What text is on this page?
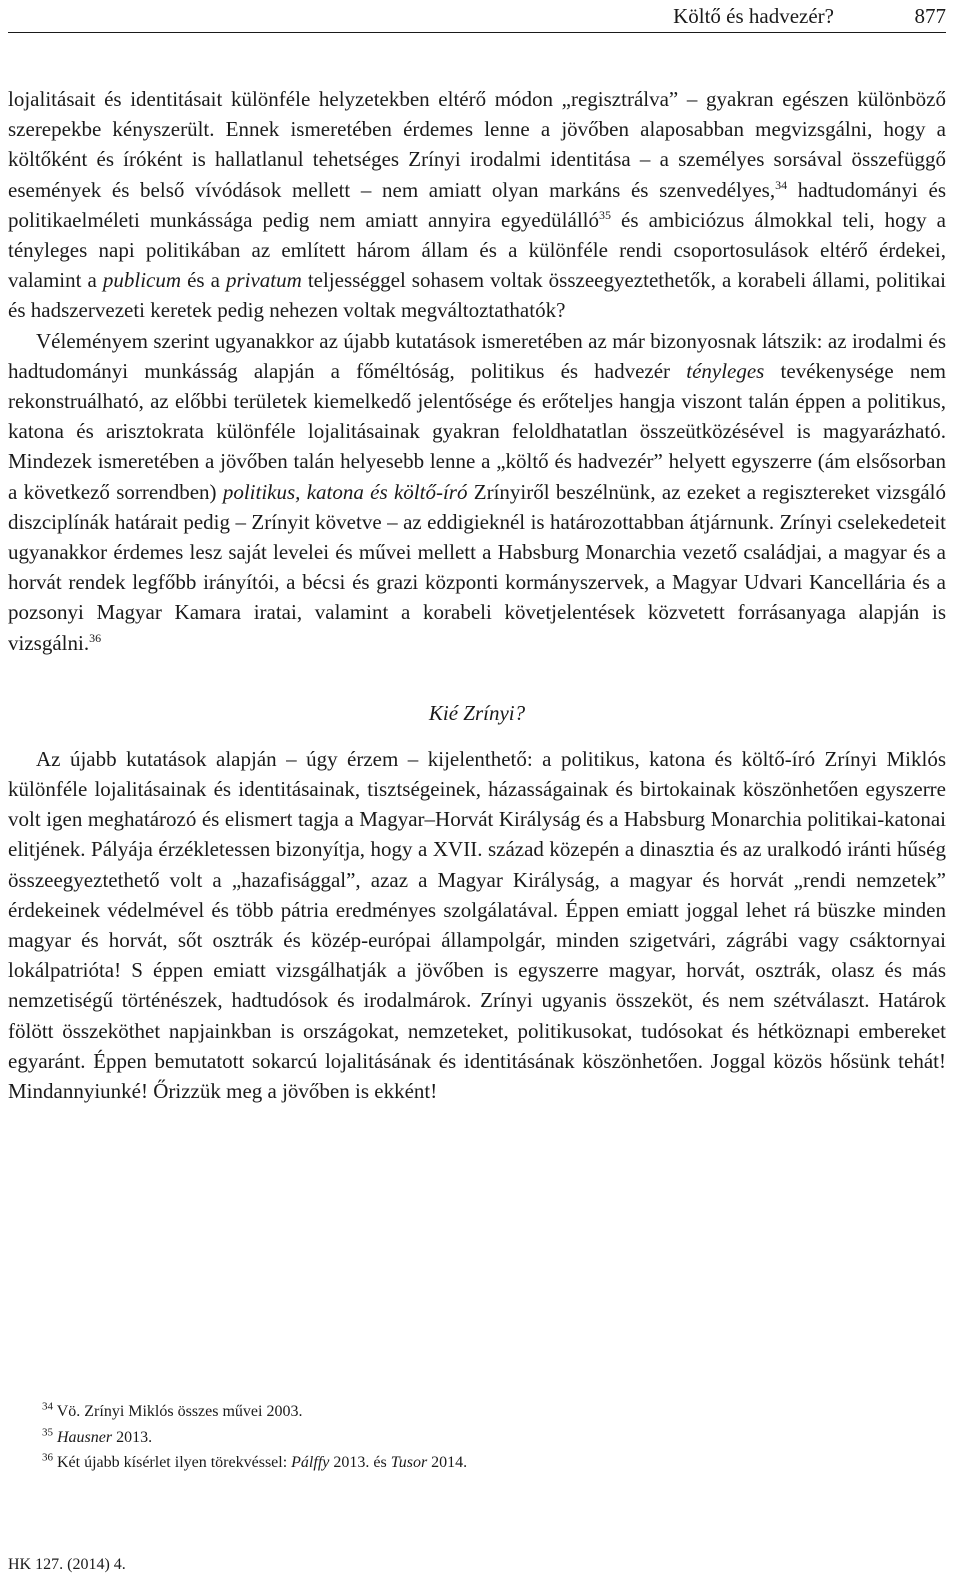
Költő és hadvezér?	877

lojalitásait és identitásait különféle helyzetekben eltérő módon „regisztrálva” – gyakran egészen különböző szerepekbe kényszerült. Ennek ismeretében érdemes lenne a jövőben alaposabban megvizsgálni, hogy a költőként és íróként is hallatlanul tehetséges Zrínyi irodalmi identitása – a személyes sorsával összefüggő események és belső vívódások mellett – nem amiatt olyan markáns és szenvedélyes,$^{34}$ hadtudományi és politikaelméleti munkássága pedig nem amiatt annyira egyedülálló$^{35}$ és ambiciózus álmokkal teli, hogy a tényleges napi politikában az említett három állam és a különféle rendi csoportosulások eltérő érdekei, valamint a publicum és a privatum teljességgel sohasem voltak összeegyeztethetők, a korabeli állami, politikai és hadszervezeti keretek pedig nehezen voltak megváltoztathatók?

Véleményem szerint ugyanakkor az újabb kutatások ismeretében az már bizonyosnak látszik: az irodalmi és hadtudományi munkásság alapján a főméltóság, politikus és hadvezér tényleges tevékenysége nem rekonstruálható, az előbbi területek kiemelkedő jelentősége és erőteljes hangja viszont talán éppen a politikus, katona és arisztokrata különféle lojalitásainak gyakran feloldhatatlan összeütközésével is magyarázható. Mindezek ismeretében a jövőben talán helyesebb lenne a „költő és hadvezér” helyett egyszerre (ám elsősorban a következő sorrendben) politikus, katona és költő-író Zrínyiről beszélnünk, az ezeket a regisztereket vizsgáló diszciplínák határait pedig – Zrínyit követve – az eddigieknél is határozottabban átjárnunk. Zrínyi cselekedeteit ugyanakkor érdemes lesz saját levelei és művei mellett a Habsburg Monarchia vezető családjai, a magyar és a horvát rendek legfőbb irányítói, a bécsi és grazi központi kormányszervek, a Magyar Udvari Kancellária és a pozsonyi Magyar Kamara iratai, valamint a korabeli követjelentések közvetett forrásanyaga alapján is vizsgálni.$^{36}$

Kié Zrínyi?

Az újabb kutatások alapján – úgy érzem – kijelenthető: a politikus, katona és költő-író Zrínyi Miklós különféle lojalitásainak és identitásainak, tisztségeinek, házasságainak és birtokainak köszönhetően egyszerre volt igen meghatározó és elismert tagja a Magyar–Horvát Királyság és a Habsburg Monarchia politikai-katonai elitjének. Pályája érzékletessen bizonyítja, hogy a XVII. század közepén a dinasztia és az uralkodó iránti hűség összeegyeztethető volt a „hazafisággal”, azaz a Magyar Királyság, a magyar és horvát „rendi nemzetek” érdekeinek védelmével és több pátria eredményes szolgálatával. Éppen emiatt joggal lehet rá büszke minden magyar és horvát, sőt osztrák és közép-európai állampolgár, minden szigetvári, zágrábi vagy csáktornyai lokálpatrióta! S éppen emiatt vizsgálhatják a jövőben is egyszerre magyar, horvát, osztrák, olasz és más nemzetiségű történészek, hadtudósok és irodalmárok. Zrínyi ugyanis összeköt, és nem szétválaszt. Határok fölött összeköthet napjainkban is országokat, nemzeteket, politikusokat, tudósokat és hétköznapi embereket egyaránt. Éppen bemutatott sokarcú lojalitásának és identitásának köszönhetően. Joggal közös hősünk tehát! Mindannyiunké! Őrizzük meg a jövőben is ekként!

$^{34}$ Vö. Zrínyi Miklós összes művei 2003.

$^{35}$ Hausner 2013.

$^{36}$ Két újabb kísérlet ilyen törekvéssel: Pálffy 2013. és Tusor 2014.

HK 127. (2014) 4.
